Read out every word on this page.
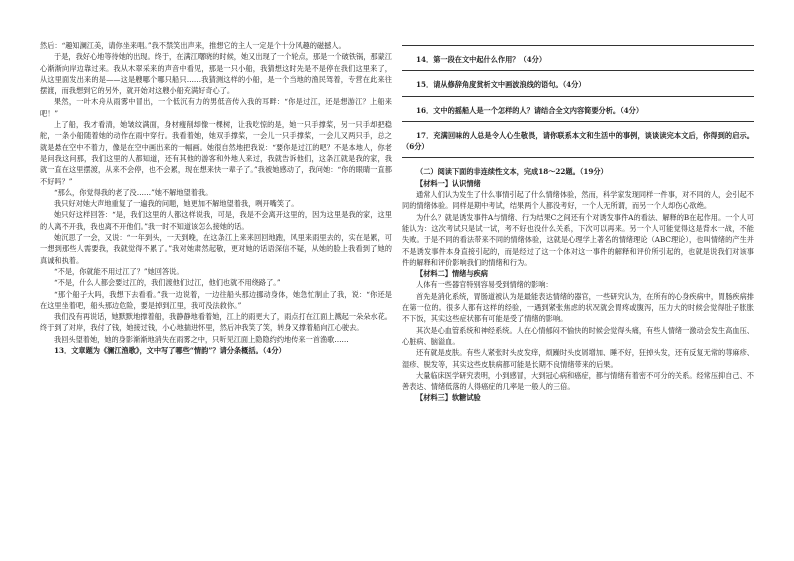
然后：“趣知澜江美，请你坐来唱。”我不禁笑出声来，推想它的主人一定是个十分风趣的磁撼人。

于是，我好心地等待她的出现。终于，在满江曙晓的时候，她又出现了一个轮点，那是一个破铁锅，那蒙江心渐渐向岸边靠过来。我从木翠采来的声音中看见，那是一只小船，我猜想这时先是不是停在我们这里来了，从这里面发出来的是——这是艘哪个哪只船只……我猜测这样的小船，是一个当地的渔民驾着，专营在此来往摆渡，而我想到它的另外，就开始对这艘小船充满好奇心了。

果然，一叶木舟从雨雾中冒出，一个低沉有力的男低音传入我的耳畔：“你是过江，还是想游江？上船来吧！”

上了船，我才看清，她皱纹满面，身材瘦削却像一棵树，让我吃惊的是，她一只手撑桨，另一只手却把稳舵，一条小船随着她的动作在雨中穿行。我看着她，她双手撑桨，一会儿一只手撑桨，一会儿又两只手，总之就是悬在空中不着力，像是在空中画出来的一幅画。她很自然地把我说：“要你是过江的吧？不是本地人，你老是问我这问那，我们这里的人都知道，还有其他的游客和外地人来过，我就告诉他们，这条江就是我的家，我就一直在这里摆渡，从来不会停，也不会累，现在想来快一辈子了。”我被她感动了，我问她：“你的眼睛一直都不好吗？”

“那么，你觉得我的老了没……”她不解地望着我。

我只好对她大声地重复了一遍我的问题，她更加不解地望着我，咧开嘴笑了。

她只好这样回答：“是，我们这里的人都这样说我，可是，我是不会离开这里的，因为这里是我的家，这里的人离不开我，我也离不开他们。”我一时不知道该怎么接她的话。

她沉思了一会，又说：“一年到头，一天到晚，在这条江上来来回回地跑，风里来雨里去的，实在是累，可一想到那些人需要我，我就觉得不累了。”我对她肃然起敬，更对她的话语深信不疑，从她的脸上我看到了她的真诚和执着。

“不是，你就能不用过江了？”她回答说。

“不是，什么人都会要过江的，我们渡他们过江，他们也就不用绕路了。”

“那个船子大吗，我想下去看看。”我一边说着，一边往船头那边挪动身体，她急忙制止了我，说：“你还是在这里坐着吧，船头那边危险，要是掉到江里，我可没法救你。”

我们没有再说话，她默默地撑着船，我静静地看着她，江上的雨更大了，雨点打在江面上溅起一朵朵水花。终于到了对岸，我付了钱，她接过钱，小心地揣进怀里，然后冲我笑了笑，转身又撑着船向江心驶去。

我回头望着她，她的身影渐渐地消失在雨雾之中，只听见江面上隐隐约约地传来一首渔歌……

13．文章题为《澜江渔歌》，文中写了哪些“情韵”？请分条概括。（4分）

14．第一段在文中起什么作用？（4分）

15．请从修辞角度赏析文中画波浪线的语句。（4分）

16．文中的摇船人是一个怎样的人？请结合全文内容简要分析。（4分）

17．充满回味的人总是令人心生敬畏，请你联系本文和生活中的事例，谈谈读完本文后，你得到的启示。（6分）

（二）阅读下面的非连续性文本，完成18～22题。（19分）

【材料一】认识情绪

通常人们认为发生了什么事情引起了什么情绪体验，然而，科学家发现同样一件事，对不同的人，会引起不同的情绪体验。同样是期中考试，结果两个人都没考好，一个人无所谓，而另一个人却伤心欲绝。

为什么？就是诱发事件A与情绪、行为结果C之间还有个对诱发事件A的看法、解释的B在起作用。一个人可能认为：这次考试只是试一试，考不好也没什么关系，下次可以再来。另一个人可能觉得这是背水一战，不能失败。于是不同的看法带来不同的情绪体验，这就是心理学上著名的情绪理论（ABC理论），也叫情绪的产生并不是诱发事件本身直接引起的，而是经过了这一个体对这一事件的解释和评价所引起的，也就是说我们对该事件的解释和评价影响我们的情绪和行为。

【材料二】情绪与疾病

人体有一些器官特别容易受到情绪的影响：

首先是消化系统，胃肠道被认为是最能表达情绪的器官，一些研究认为，在所有的心身疾病中，胃肠疾病排在第一位的。很多人都有这样的经验，一遇到紧张焦虑的状况就会胃疼或腹泻，压力大的时候会觉得肚子胀胀不下饭，其实这些症状都有可能是受了情绪的影响。

其次是心血管系统和神经系统。人在心情郁闷不愉快的时候会觉得头痛，有些人情绪一激动会发生高血压、心脏病、脑溢血。

还有就是皮肤。有些人紧张时头皮发痒，烦躁时头皮屑增加、睡不好，狂掉头发，还有反复无常的荨麻疹、湿疹、脱发等，其实这些皮肤病都可能是长期不良情绪带来的后果。

大量临床医学研究表明，小到感冒，大到冠心病和癌症，都与情绪有着密不可分的关系。经常压抑自己、不善表达、情绪低落的人得癌症的几率是一般人的三倍。

【材料三】软糖试验
